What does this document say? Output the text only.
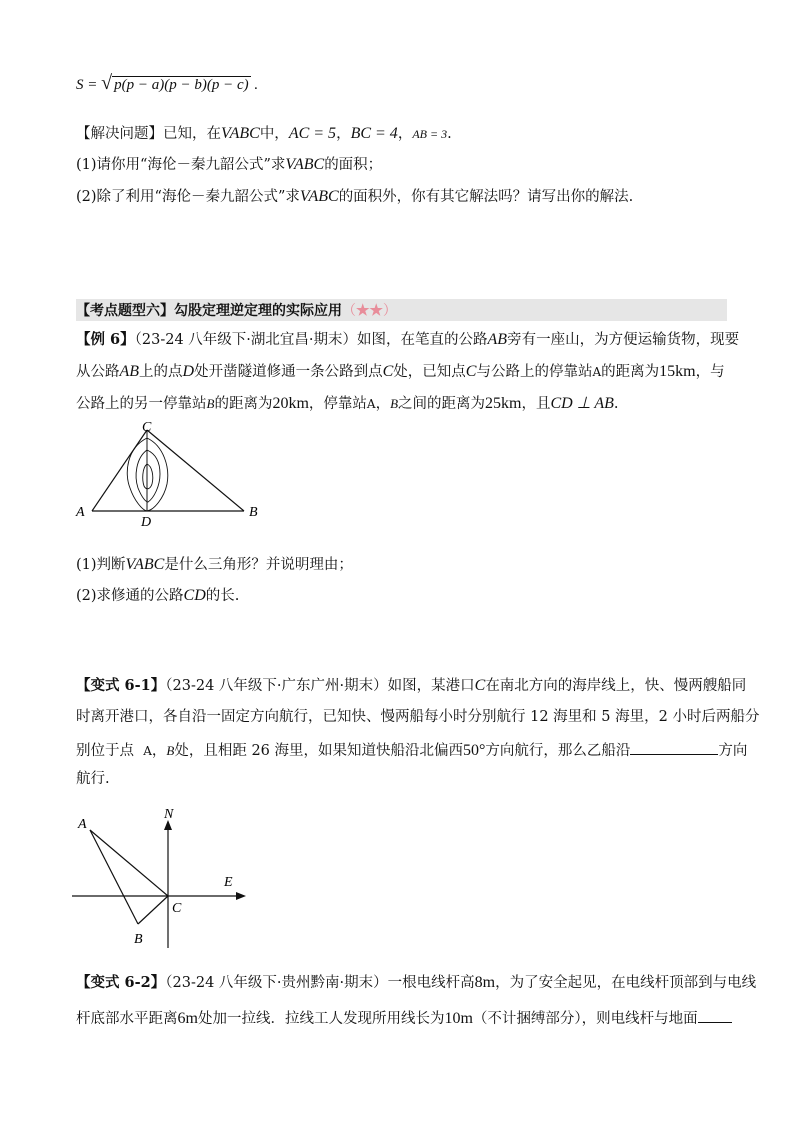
S = √ p(p − a)(p − b)(p − c) .
【解决问题】已知，在VABC中，AC = 5，BC = 4，AB = 3.
(1)请你用“海伦－秦九韶公式”求VABC的面积；
(2)除了利用“海伦－秦九韶公式”求VABC的面积外，你有其它解法吗？请写出你的解法.
【考点题型六】勾股定理逆定理的实际应用（★★）
【例 6】（23-24 八年级下·湖北宜昌·期末）如图，在笔直的公路AB旁有一座山，为方便运输货物，现要
从公路AB上的点D处开凿隧道修通一条公路到点C处，已知点C与公路上的停靠站A的距离为15km，与
公路上的另一停靠站B的距离为20km，停靠站A，B之间的距离为25km，且CD ⊥ AB.
C
A	B
D
(1)判断VABC是什么三角形？并说明理由；
(2)求修通的公路CD的长.
【变式 6-1】（23-24 八年级下·广东广州·期末）如图，某港口C在南北方向的海岸线上，快、慢两艘船同
时离开港口，各自沿一固定方向航行，已知快、慢两船每小时分别航行 12 海里和 5 海里，2 小时后两船分
别位于点 A，B处，且相距 26 海里，如果知道快船沿北偏西50°方向航行，那么乙船沿	方向
航行.
N
E
A
B
C
【变式 6-2】（23-24 八年级下·贵州黔南·期末）一根电线杆高8m，为了安全起见，在电线杆顶部到与电线
杆底部水平距离6m处加一拉线．拉线工人发现所用线长为10m（不计捆缚部分），则电线杆与地面
